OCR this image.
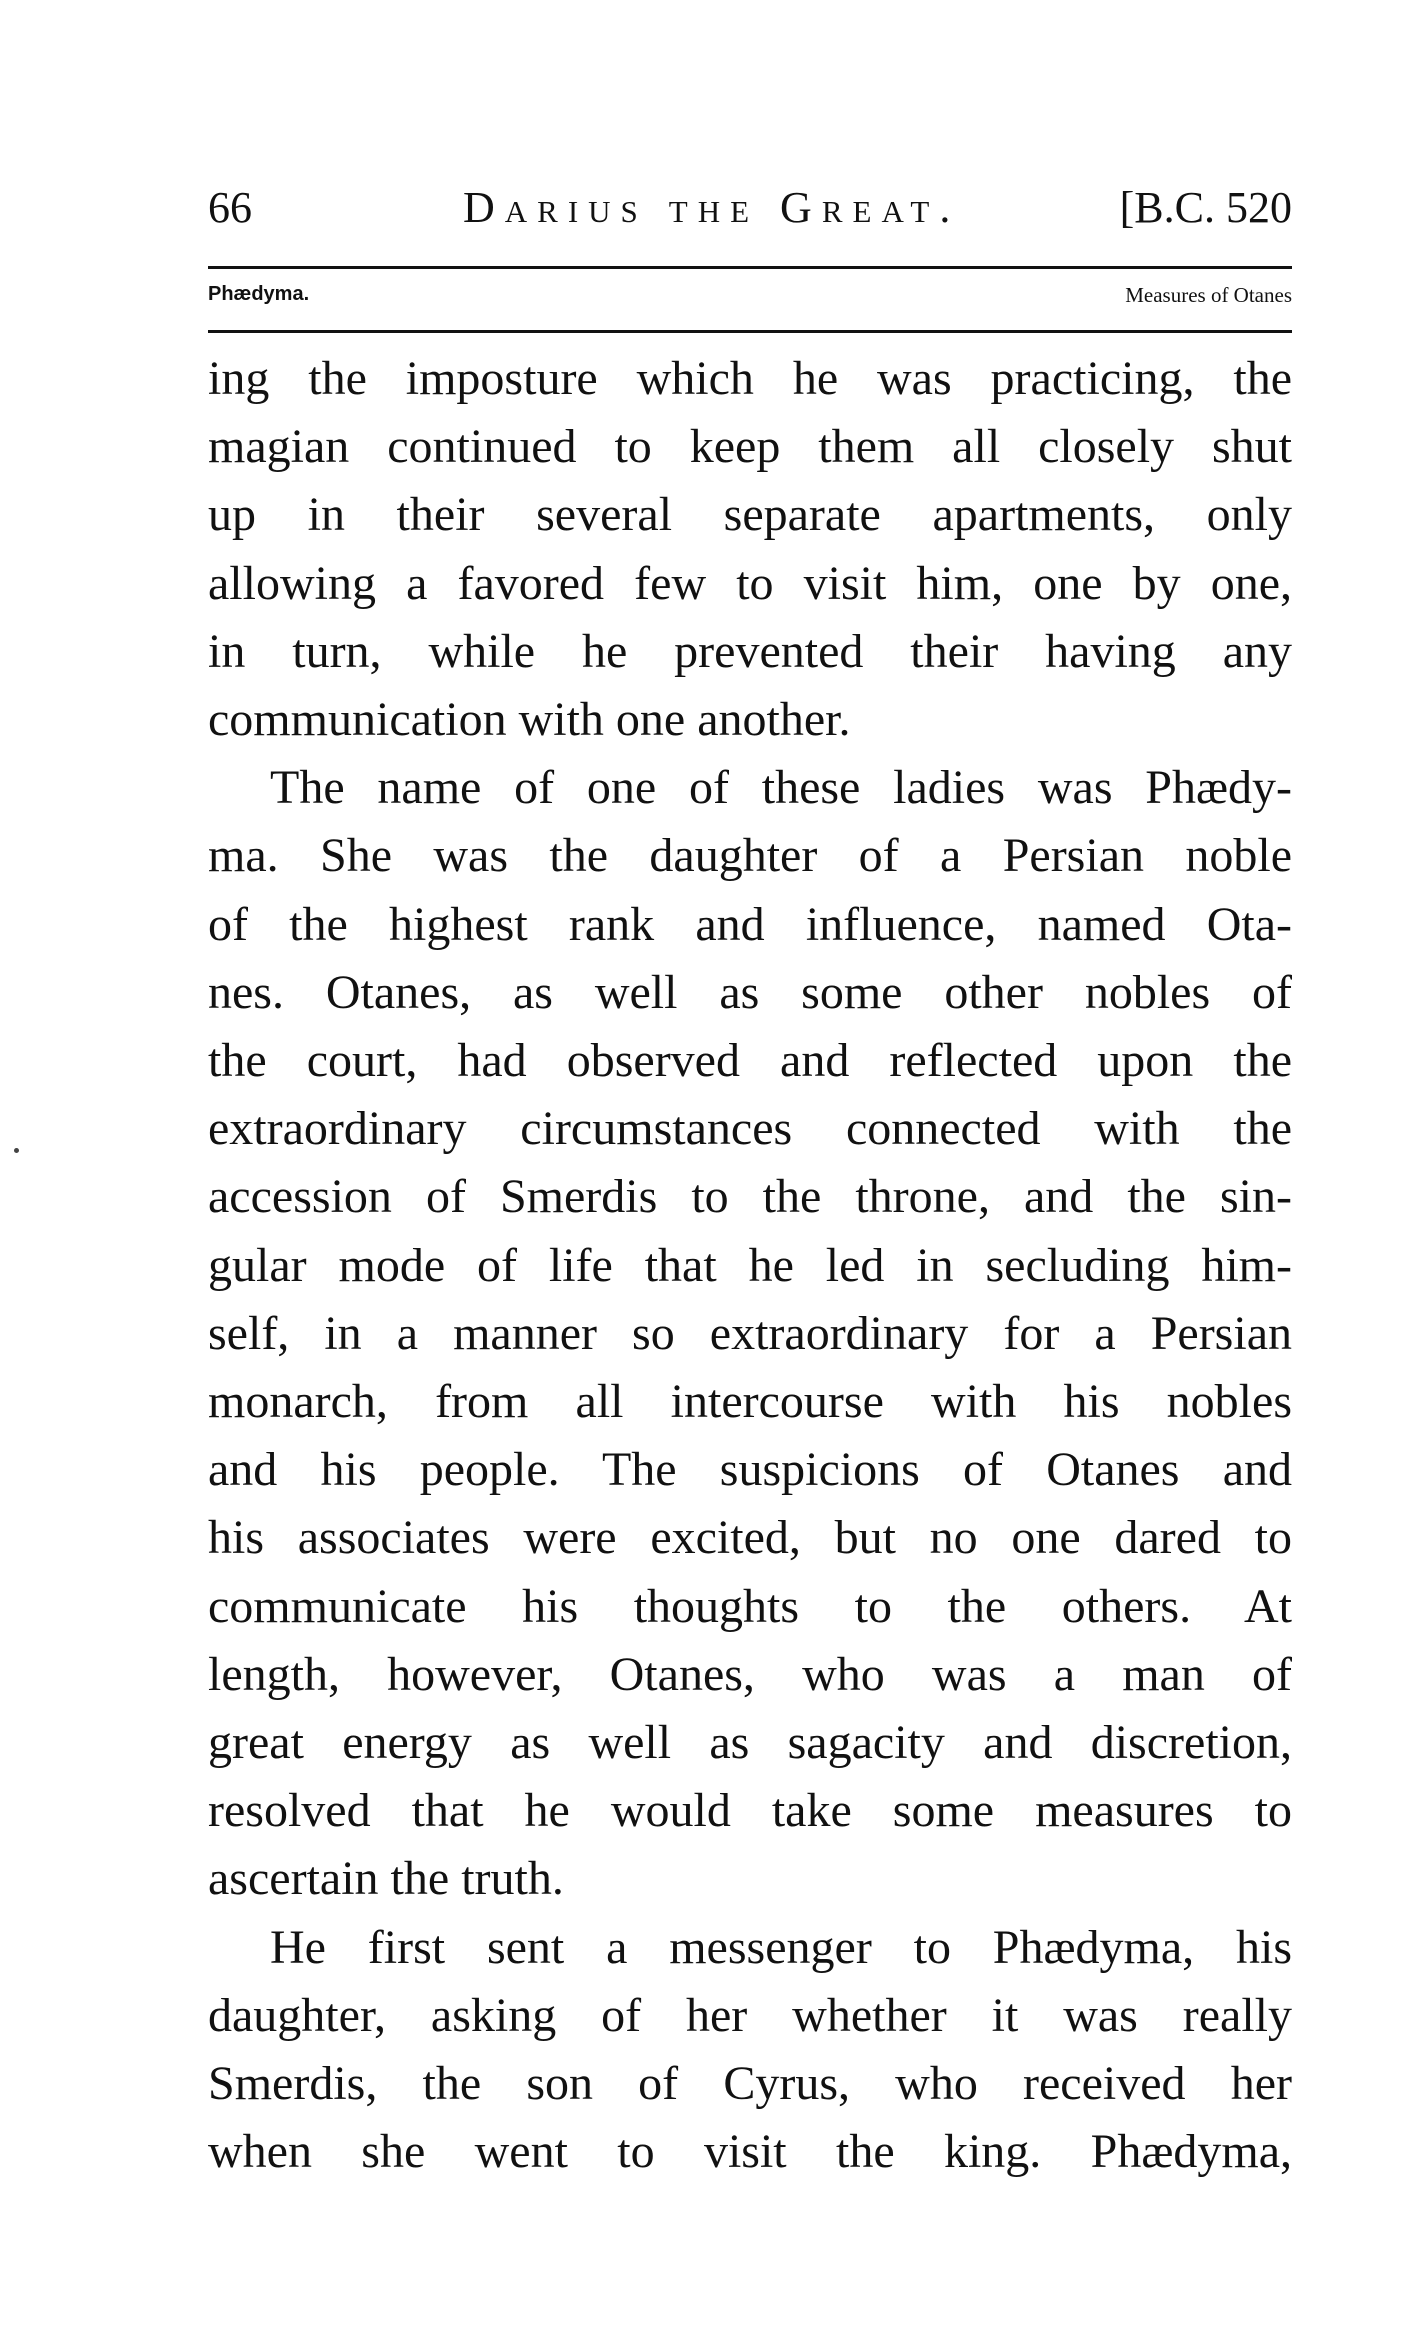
66	Darius the Great.	[B.C. 520
Phædyma.	Measures of Otanes
ing the imposture which he was practicing, the
magian continued to keep them all closely shut
up in their several separate apartments, only
allowing a favored few to visit him, one by one,
in turn, while he prevented their having any
communication with one another.
The name of one of these ladies was Phædy-
ma. She was the daughter of a Persian noble
of the highest rank and influence, named Ota-
nes. Otanes, as well as some other nobles of
the court, had observed and reflected upon the
extraordinary circumstances connected with the
accession of Smerdis to the throne, and the sin-
gular mode of life that he led in secluding him-
self, in a manner so extraordinary for a Persian
monarch, from all intercourse with his nobles
and his people. The suspicions of Otanes and
his associates were excited, but no one dared to
communicate his thoughts to the others. At
length, however, Otanes, who was a man of
great energy as well as sagacity and discretion,
resolved that he would take some measures to
ascertain the truth.
He first sent a messenger to Phædyma, his
daughter, asking of her whether it was really
Smerdis, the son of Cyrus, who received her
when she went to visit the king. Phædyma,
